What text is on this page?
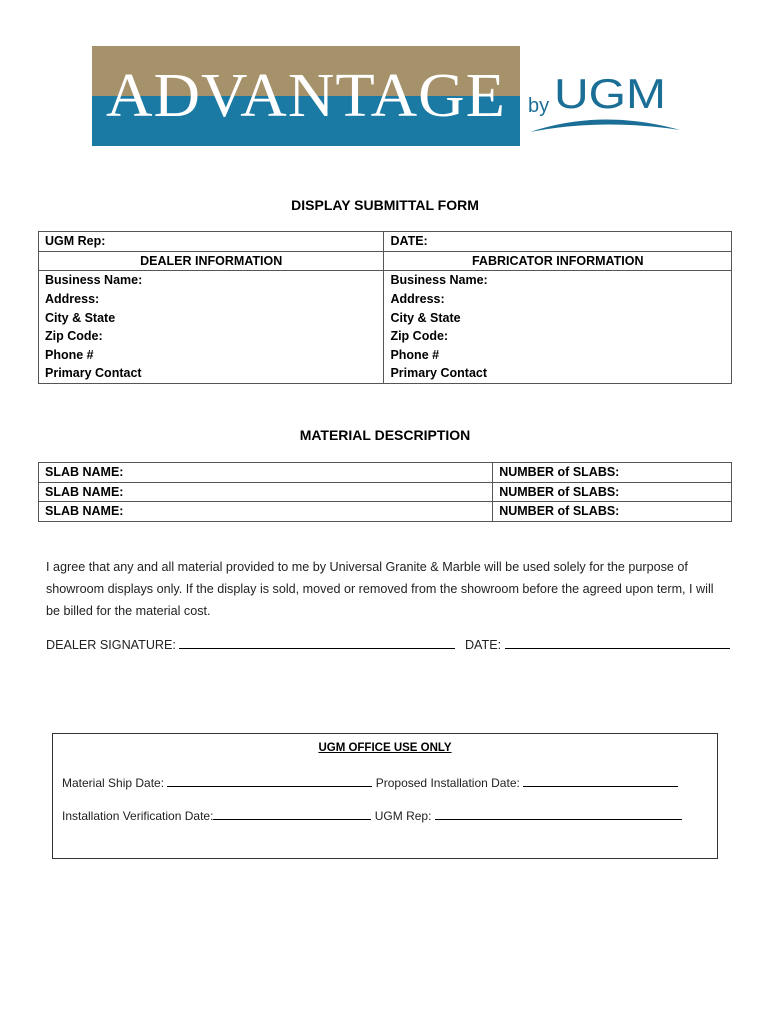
ADVANTAGE by UGM
DISPLAY SUBMITTAL FORM
UGM Rep:	DATE:
DEALER INFORMATION	FABRICATOR INFORMATION
Business Name:	Business Name:
Address:	Address:
City & State	City & State
Zip Code:	Zip Code:
Phone #	Phone #
Primary Contact	Primary Contact
MATERIAL DESCRIPTION
SLAB NAME:	NUMBER of SLABS:
SLAB NAME:	NUMBER of SLABS:
SLAB NAME:	NUMBER of SLABS:
I agree that any and all material provided to me by Universal Granite & Marble will be used solely for the purpose of showroom displays only. If the display is sold, moved or removed from the showroom before the agreed upon term, I will be billed for the material cost.
DEALER SIGNATURE:	DATE:
UGM OFFICE USE ONLY
Material Ship Date:	Proposed Installation Date:
Installation Verification Date:	UGM Rep:
